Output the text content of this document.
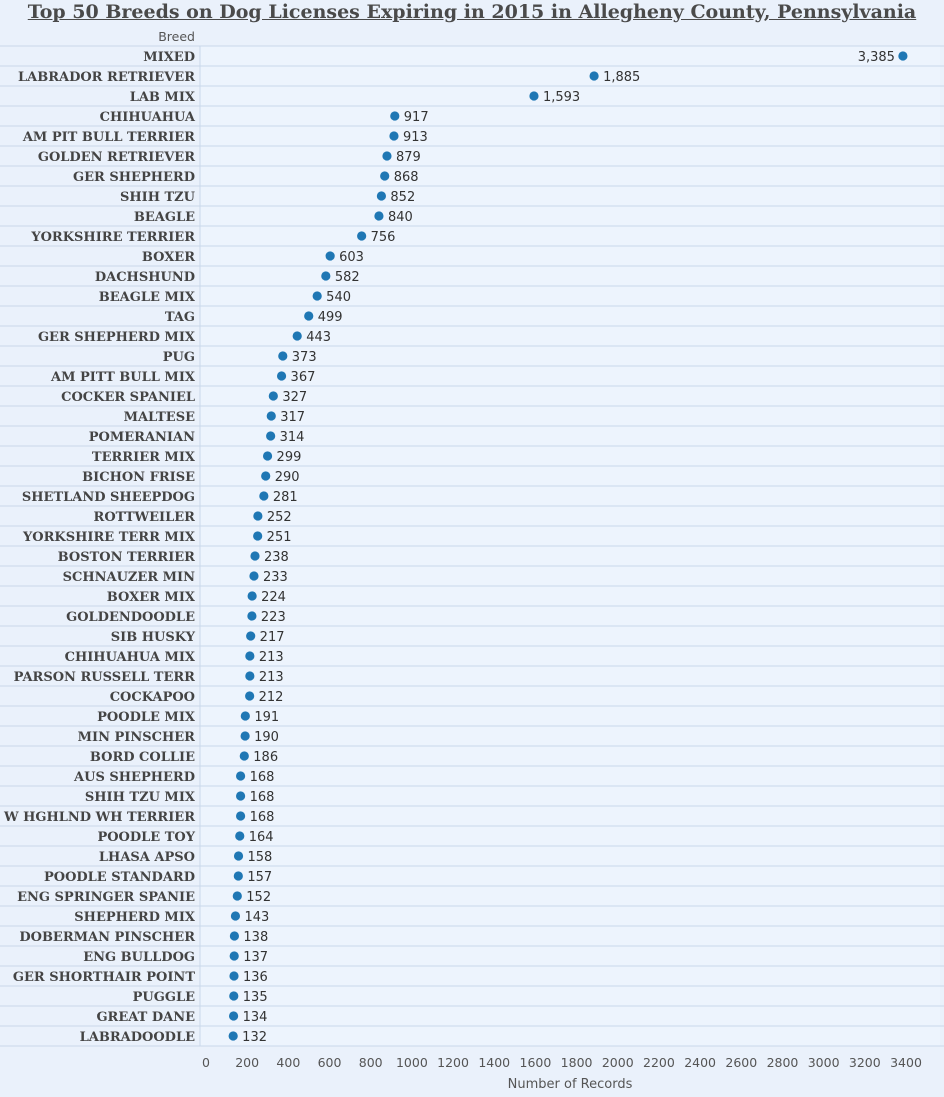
Top 50 Breeds on Dog Licenses Expiring in 2015 in Allegheny County, Pennsylvania
Breed
MIXED
LABRADOR RETRIEVER
LAB MIX
CHIHUAHUA
AM PIT BULL TERRIER
GOLDEN RETRIEVER
GER SHEPHERD
SHIH TZU
BEAGLE
YORKSHIRE TERRIER
BOXER
DACHSHUND
BEAGLE MIX
TAG
GER SHEPHERD MIX
PUG
AM PITT BULL MIX
COCKER SPANIEL
MALTESE
POMERANIAN
TERRIER MIX
BICHON FRISE
SHETLAND SHEEPDOG
ROTTWEILER
YORKSHIRE TERR MIX
BOSTON TERRIER
SCHNAUZER MIN
BOXER MIX
GOLDENDOODLE
SIB HUSKY
CHIHUAHUA MIX
PARSON RUSSELL TERR
COCKAPOO
POODLE MIX
MIN PINSCHER
BORD COLLIE
AUS SHEPHERD
SHIH TZU MIX
W HGHLND WH TERRIER
POODLE TOY
LHASA APSO
POODLE STANDARD
ENG SPRINGER SPANIE
SHEPHERD MIX
DOBERMAN PINSCHER
ENG BULLDOG
GER SHORTHAIR POINT
PUGGLE
GREAT DANE
LABRADOODLE
3,385
1,885
1,593
917
913
879
868
852
840
756
603
582
540
499
443
373
367
327
317
314
299
290
281
252
251
238
233
224
223
217
213
213
212
191
190
186
168
168
168
164
158
157
152
143
138
137
136
135
134
132
0 200 400 600 800 1000 1200 1400 1600 1800 2000 2200 2400 2600 2800 3000 3200 3400
Number of Records
